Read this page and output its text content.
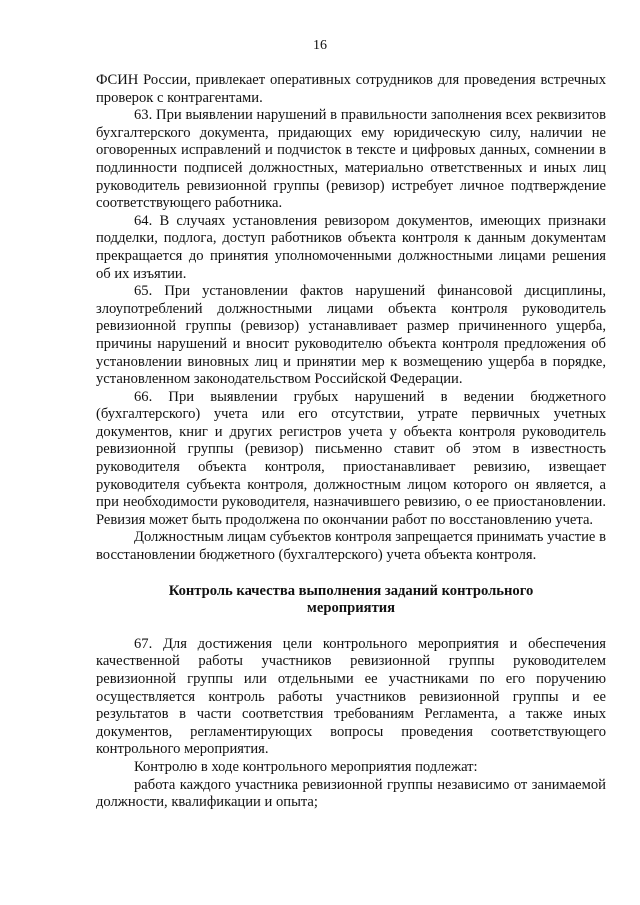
16

ФСИН России, привлекает оперативных сотрудников для проведения встречных проверок с контрагентами.

63. При выявлении нарушений в правильности заполнения всех реквизитов бухгалтерского документа, придающих ему юридическую силу, наличии не оговоренных исправлений и подчисток в тексте и цифровых данных, сомнении в подлинности подписей должностных, материально ответственных и иных лиц руководитель ревизионной группы (ревизор) истребует личное подтверждение соответствующего работника.

64. В случаях установления ревизором документов, имеющих признаки подделки, подлога, доступ работников объекта контроля к данным документам прекращается до принятия уполномоченными должностными лицами решения об их изъятии.

65. При установлении фактов нарушений финансовой дисциплины, злоупотреблений должностными лицами объекта контроля руководитель ревизионной группы (ревизор) устанавливает размер причиненного ущерба, причины нарушений и вносит руководителю объекта контроля предложения об установлении виновных лиц и принятии мер к возмещению ущерба в порядке, установленном законодательством Российской Федерации.

66. При выявлении грубых нарушений в ведении бюджетного (бухгалтерского) учета или его отсутствии, утрате первичных учетных документов, книг и других регистров учета у объекта контроля руководитель ревизионной группы (ревизор) письменно ставит об этом в известность руководителя объекта контроля, приостанавливает ревизию, извещает руководителя субъекта контроля, должностным лицом которого он является, а при необходимости руководителя, назначившего ревизию, о ее приостановлении. Ревизия может быть продолжена по окончании работ по восстановлению учета.

Должностным лицам субъектов контроля запрещается принимать участие в восстановлении бюджетного (бухгалтерского) учета объекта контроля.

Контроль качества выполнения заданий контрольного
мероприятия

67. Для достижения цели контрольного мероприятия и обеспечения качественной работы участников ревизионной группы руководителем ревизионной группы или отдельными ее участниками по его поручению осуществляется контроль работы участников ревизионной группы и ее результатов в части соответствия требованиям Регламента, а также иных документов, регламентирующих вопросы проведения соответствующего контрольного мероприятия.

Контролю в ходе контрольного мероприятия подлежат:

работа каждого участника ревизионной группы независимо от занимаемой должности, квалификации и опыта;
